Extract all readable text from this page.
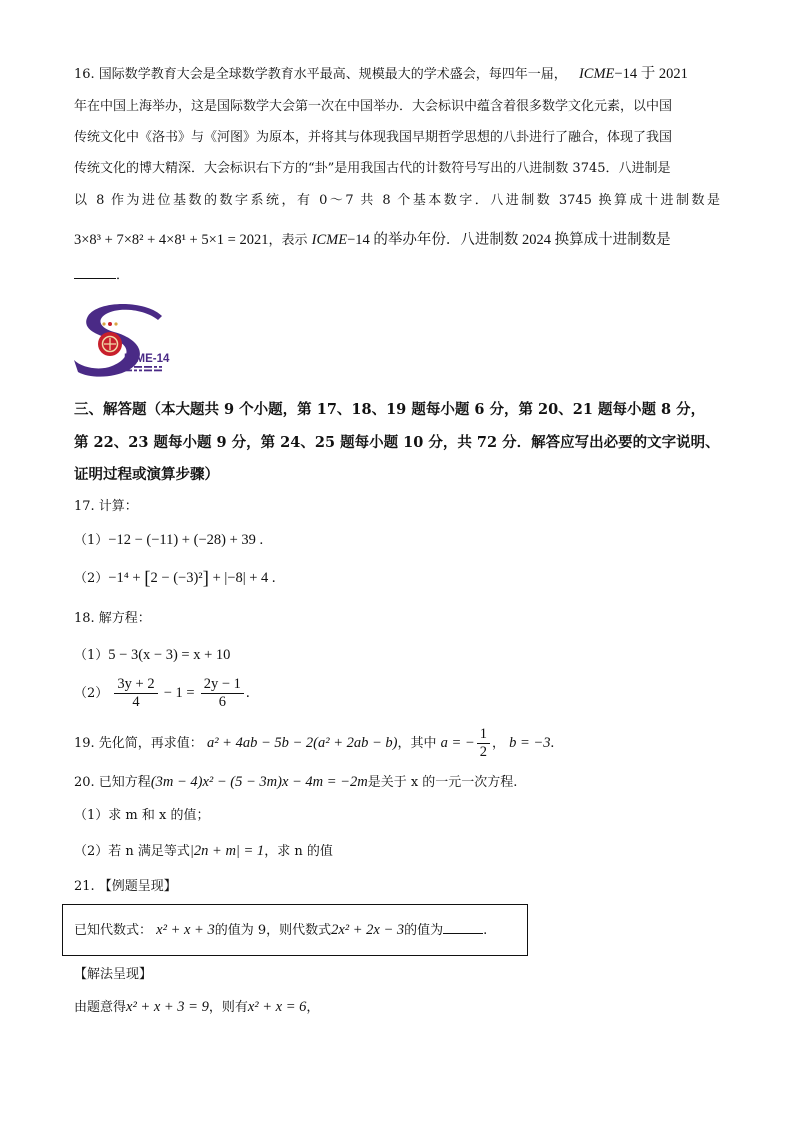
16. 国际数学教育大会是全球数学教育水平最高、规模最大的学术盛会，每四年一届， ICME−14 于 2021
年在中国上海举办，这是国际数学大会第一次在中国举办．大会标识中蕴含着很多数学文化元素，以中国
传统文化中《洛书》与《河图》为原本，并将其与体现我国早期哲学思想的八卦进行了融合，体现了我国
传统文化的博大精深．大会标识右下方的“卦”是用我国古代的计数符号写出的八进制数 3745．八进制是
以 8 作为进位基数的数字系统，有 0～7 共 8 个基本数字．八进制数 3745 换算成十进制数是
3×8³ + 7×8² + 4×8¹ + 5×1 = 2021，表示 ICME−14 的举办年份．八进制数 2024 换算成十进制数是
．
ICME-14
三、解答题（本大题共 9 个小题，第 17、18、19 题每小题 6 分，第 20、21 题每小题 8 分，
第 22、23 题每小题 9 分，第 24、25 题每小题 10 分，共 72 分．解答应写出必要的文字说明、
证明过程或演算步骤）
17. 计算：
（1）−12 − (−11) + (−28) + 39 .
（2）−1⁴ + [2 − (−3)²] + |−8| + 4 .
18. 解方程：
（1）5 − 3(x − 3) = x + 10
$(2) \frac{3y + 2}{4} - 1 = \frac{2y - 1}{6}$ .
19. 先化简，再求值： a² + 4ab − 5b − 2(a² + 2ab − b)，其中 a = − $\frac{1}{2}$ ， b = −3.
20. 已知方程(3m − 4)x² − (5 − 3m)x − 4m = −2m是关于 x 的一元一次方程.
（1）求 m 和 x 的值；
（2）若 n 满足等式|2n + m| = 1，求 n 的值
21. 【例题呈现】
已知代数式： x² + x + 3的值为 9，则代数式2x² + 2x − 3的值为	.
【解法呈现】
由题意得x² + x + 3 = 9，则有x² + x = 6，
